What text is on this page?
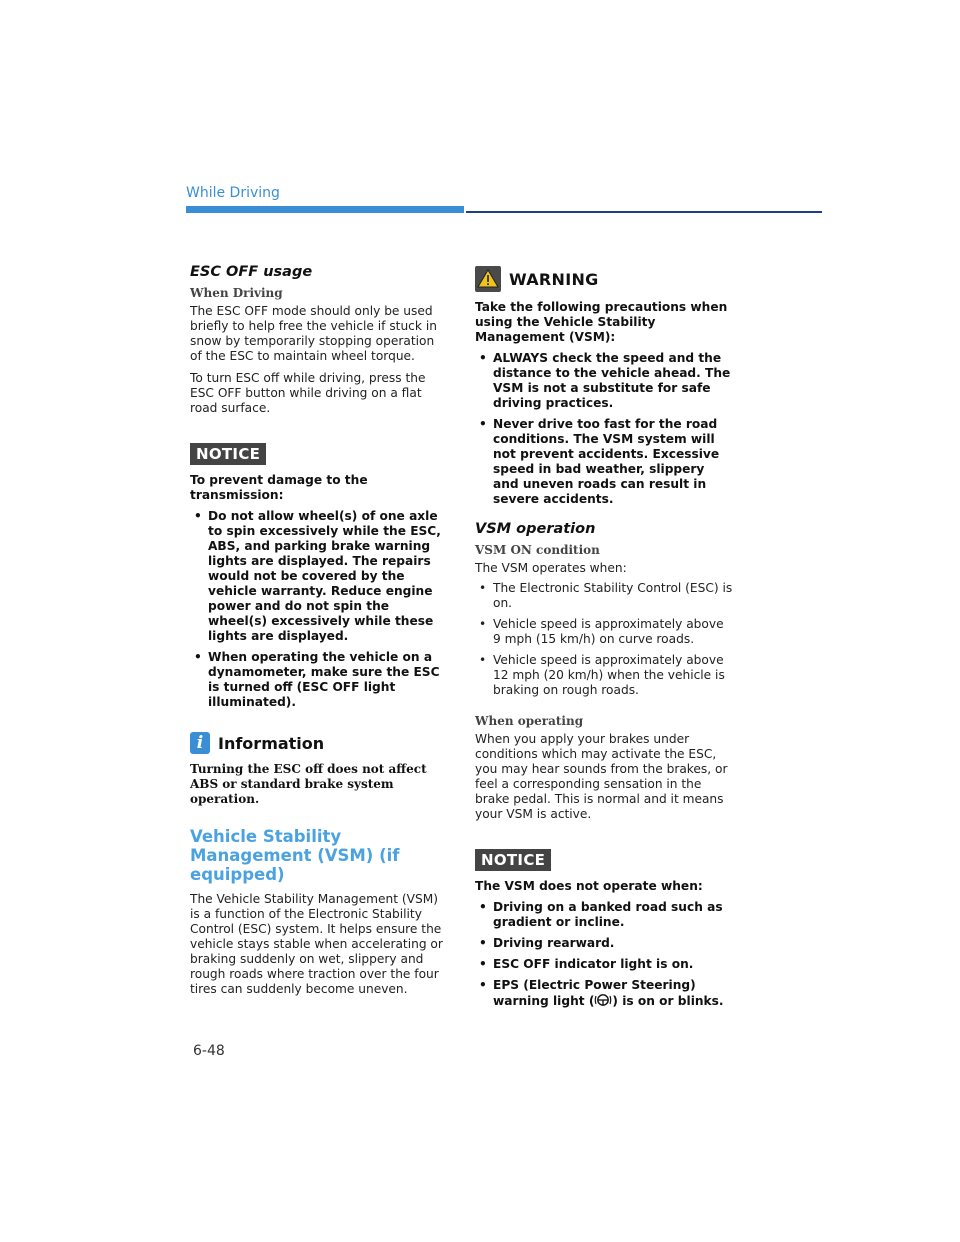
While Driving
ESC OFF usage
When Driving

The ESC OFF mode should only be used briefly to help free the vehicle if stuck in snow by temporarily stopping operation of the ESC to maintain wheel torque.

To turn ESC off while driving, press the ESC OFF button while driving on a flat road surface.

NOTICE

To prevent damage to the transmission:

• Do not allow wheel(s) of one axle to spin excessively while the ESC, ABS, and parking brake warning lights are displayed. The repairs would not be covered by the vehicle warranty. Reduce engine power and do not spin the wheel(s) excessively while these lights are displayed.
• When operating the vehicle on a dynamometer, make sure the ESC is turned off (ESC OFF light illuminated).
i Information

Turning the ESC off does not affect ABS or standard brake system operation.

Vehicle Stability Management (VSM) (if equipped)

The Vehicle Stability Management (VSM) is a function of the Electronic Stability Control (ESC) system. It helps ensure the vehicle stays stable when accelerating or braking suddenly on wet, slippery and rough roads where traction over the four tires can suddenly become uneven.

WARNING

Take the following precautions when using the Vehicle Stability Management (VSM):

• ALWAYS check the speed and the distance to the vehicle ahead. The VSM is not a substitute for safe driving practices.
• Never drive too fast for the road conditions. The VSM system will not prevent accidents. Excessive speed in bad weather, slippery and uneven roads can result in severe accidents.
VSM operation
VSM ON condition

The VSM operates when:

• The Electronic Stability Control (ESC) is on.
• Vehicle speed is approximately above 9 mph (15 km/h) on curve roads.
• Vehicle speed is approximately above 12 mph (20 km/h) when the vehicle is braking on rough roads.
When operating

When you apply your brakes under conditions which may activate the ESC, you may hear sounds from the brakes, or feel a corresponding sensation in the brake pedal. This is normal and it means your VSM is active.

NOTICE

The VSM does not operate when:

• Driving on a banked road such as gradient or incline.
• Driving rearward.
• ESC OFF indicator light is on.
• EPS (Electric Power Steering) warning light ( ) is on or blinks.
6-48
